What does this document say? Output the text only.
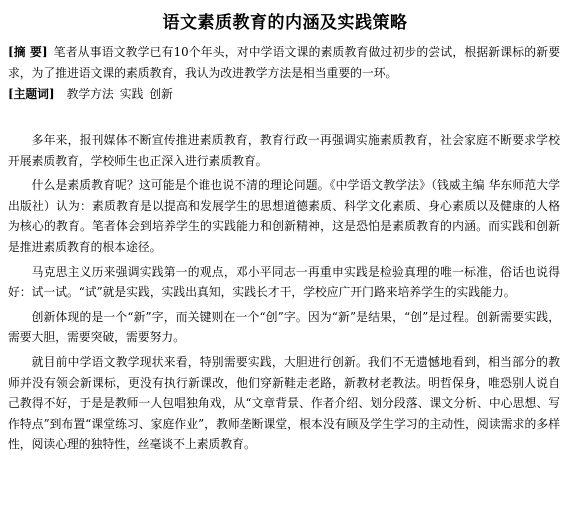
语文素质教育的内涵及实践策略
[摘 要] 笔者从事语文教学已有10个年头，对中学语文课的素质教育做过初步的尝试，根据新课标的新要求，为了推进语文课的素质教育，我认为改进教学方法是相当重要的一环。
[主题词] 教学方法 实践 创新

多年来，报刊媒体不断宣传推进素质教育，教育行政一再强调实施素质教育，社会家庭不断要求学校开展素质教育，学校师生也正深入进行素质教育。

什么是素质教育呢？这可能是个谁也说不清的理论问题。《中学语文教学法》（钱威主编 华东师范大学出版社）认为：素质教育是以提高和发展学生的思想道德素质、科学文化素质、身心素质以及健康的人格为核心的教育。笔者体会到培养学生的实践能力和创新精神，这是恐怕是素质教育的内涵。而实践和创新是推进素质教育的根本途径。

马克思主义历来强调实践第一的观点，邓小平同志一再重申实践是检验真理的唯一标准，俗话也说得好：试一试。“试”就是实践，实践出真知，实践长才干，学校应广开门路来培养学生的实践能力。

创新体现的是一个“新”字，而关键则在一个“创”字。因为“新”是结果，“创”是过程。创新需要实践，需要大胆，需要突破，需要努力。

就目前中学语文教学现状来看，特别需要实践，大胆进行创新。我们不无遗憾地看到，相当部分的教师并没有领会新课标，更没有执行新课改，他们穿新鞋走老路，新教材老教法。明哲保身，唯恐别人说自己教得不好，于是是教师一人包唱独角戏，从“文章背景、作者介绍、划分段落、课文分析、中心思想、写作特点”到布置“课堂练习、家庭作业”，教师垄断课堂，根本没有顾及学生学习的主动性，阅读需求的多样性，阅读心理的独特性，丝毫谈不上素质教育。
